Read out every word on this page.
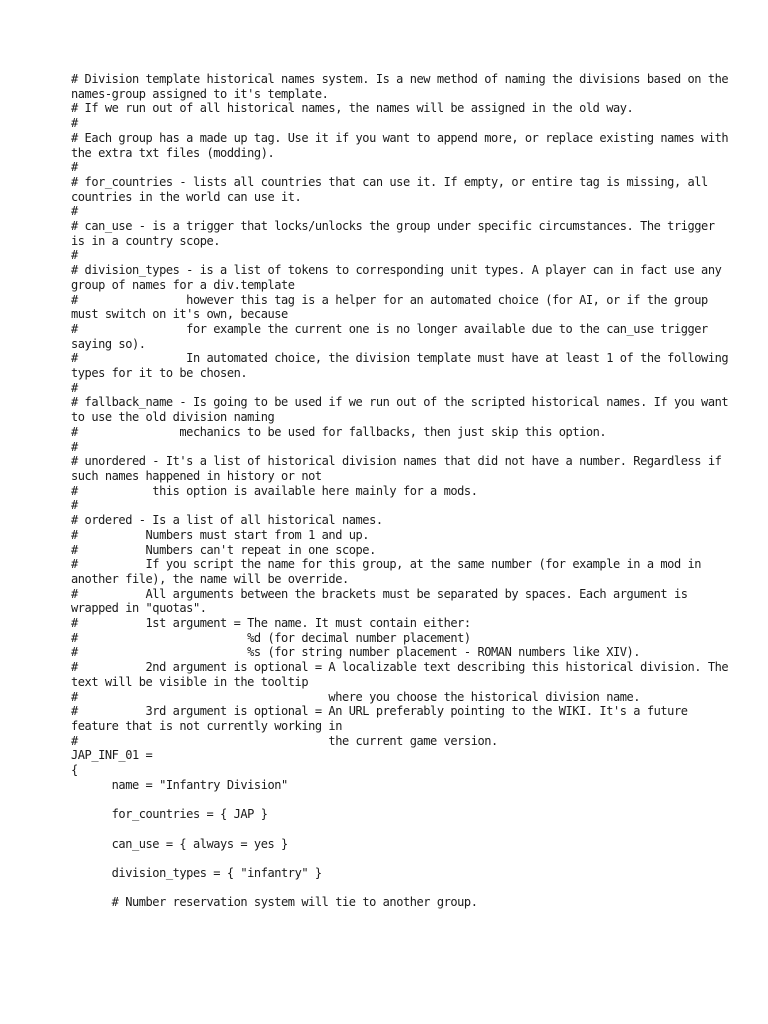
# Division template historical names system. Is a new method of naming the divisions based on the names-group assigned to it's template.
# If we run out of all historical names, the names will be assigned in the old way.
#
# Each group has a made up tag. Use it if you want to append more, or replace existing names with the extra txt files (modding).
#
# for_countries - lists all countries that can use it. If empty, or entire tag is missing, all countries in the world can use it.
#
# can_use - is a trigger that locks/unlocks the group under specific circumstances. The trigger is in a country scope.
#
# division_types - is a list of tokens to corresponding unit types. A player can in fact use any group of names for a div.template
#                however this tag is a helper for an automated choice (for AI, or if the group must switch on it's own, because
#                for example the current one is no longer available due to the can_use trigger saying so).
#                In automated choice, the division template must have at least 1 of the following types for it to be chosen.
#
# fallback_name - Is going to be used if we run out of the scripted historical names. If you want to use the old division naming
#               mechanics to be used for fallbacks, then just skip this option.
#
# unordered - It's a list of historical division names that did not have a number. Regardless if such names happened in history or not
#           this option is available here mainly for a mods.
#
# ordered - Is a list of all historical names.
#          Numbers must start from 1 and up.
#          Numbers can't repeat in one scope.
#          If you script the name for this group, at the same number (for example in a mod in another file), the name will be override.
#          All arguments between the brackets must be separated by spaces. Each argument is wrapped in "quotas".
#          1st argument = The name. It must contain either:
#                         %d (for decimal number placement)
#                         %s (for string number placement - ROMAN numbers like XIV).
#          2nd argument is optional = A localizable text describing this historical division. The text will be visible in the tooltip
#                                     where you choose the historical division name.
#          3rd argument is optional = An URL preferably pointing to the WIKI. It's a future feature that is not currently working in
#                                     the current game version.
JAP_INF_01 =
{
name = "Infantry Division"
for_countries = { JAP }
can_use = { always = yes }
division_types = { "infantry" }
# Number reservation system will tie to another group.
